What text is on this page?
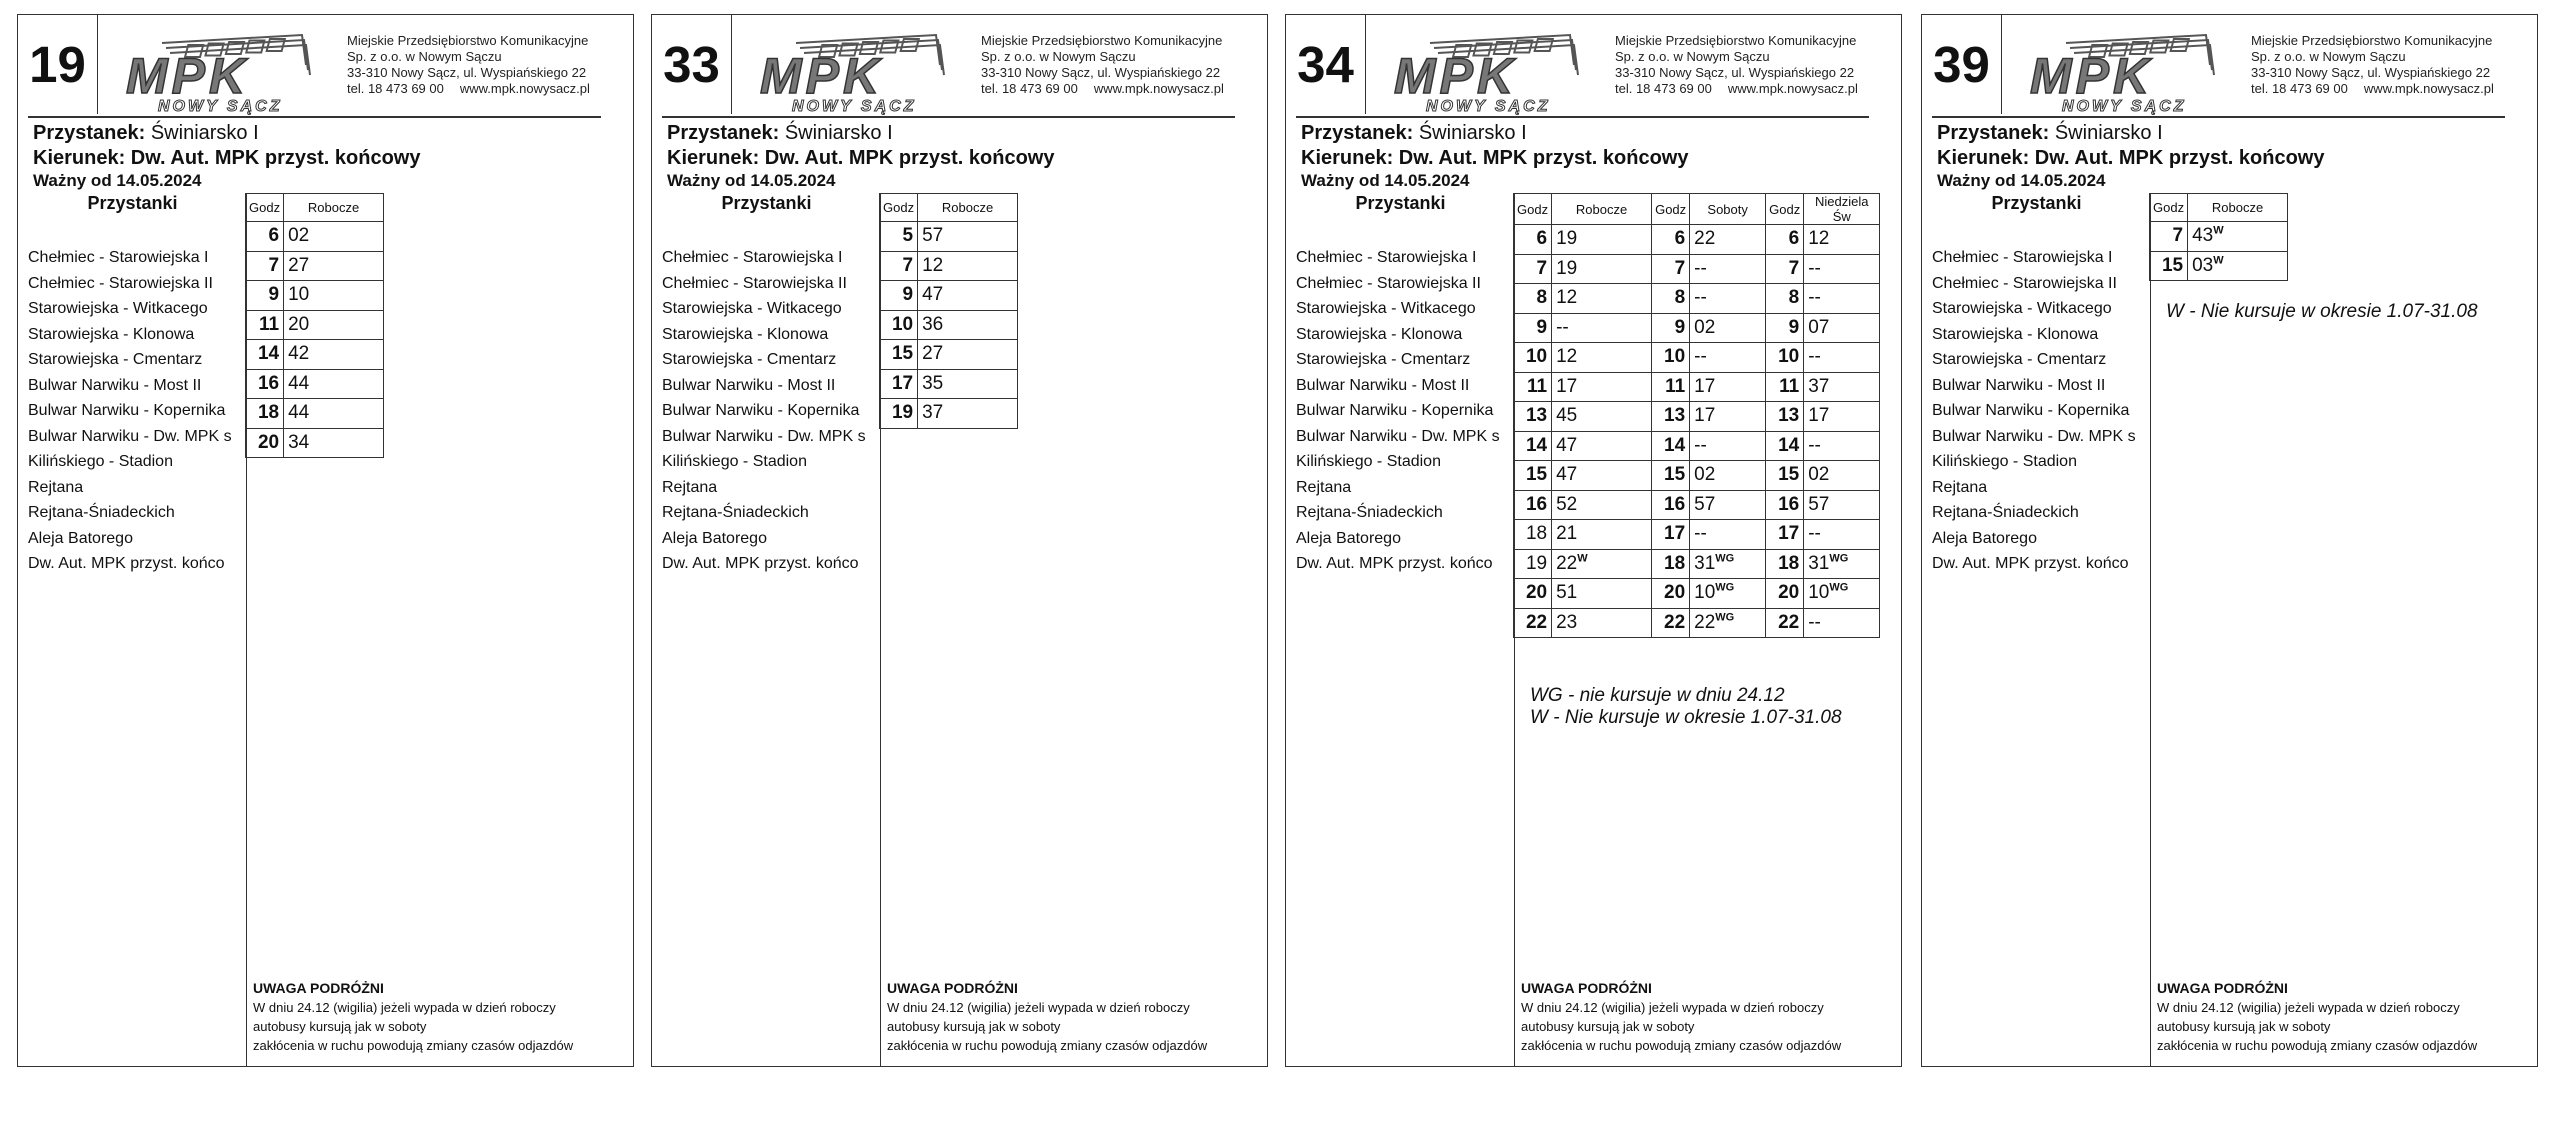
19 MPK
NOWY SĄCZ
Miejskie Przedsiębiorstwo Komunikacyjne
Sp. z o.o. w Nowym Sączu
33-310 Nowy Sącz, ul. Wyspiańskiego 22
tel. 18 473 69 00 www.mpk.nowysacz.pl
Przystanek: Świniarsko I
Kierunek: Dw. Aut. MPK przyst. końcowy
Ważny od 14.05.2024
Przystanki
Chełmiec - Starowiejska I
Chełmiec - Starowiejska II
Starowiejska - Witkacego
Starowiejska - Klonowa
Starowiejska - Cmentarz
Bulwar Narwiku - Most II
Bulwar Narwiku - Kopernika
Bulwar Narwiku - Dw. MPK s
Kilińskiego - Stadion
Rejtana
Rejtana-Śniadeckich
Aleja Batorego
Dw. Aut. MPK przyst. końco
Godz	Robocze
6	02
7	27
9	10
11	20
14	42
16	44
18	44
20	34
UWAGA PODRÓŻNI
W dniu 24.12 (wigilia) jeżeli wypada w dzień roboczy
autobusy kursują jak w soboty
zakłócenia w ruchu powodują zmiany czasów odjazdów
33 MPK
NOWY SĄCZ
Miejskie Przedsiębiorstwo Komunikacyjne
Sp. z o.o. w Nowym Sączu
33-310 Nowy Sącz, ul. Wyspiańskiego 22
tel. 18 473 69 00 www.mpk.nowysacz.pl
Przystanek: Świniarsko I
Kierunek: Dw. Aut. MPK przyst. końcowy
Ważny od 14.05.2024
Przystanki
Chełmiec - Starowiejska I
Chełmiec - Starowiejska II
Starowiejska - Witkacego
Starowiejska - Klonowa
Starowiejska - Cmentarz
Bulwar Narwiku - Most II
Bulwar Narwiku - Kopernika
Bulwar Narwiku - Dw. MPK s
Kilińskiego - Stadion
Rejtana
Rejtana-Śniadeckich
Aleja Batorego
Dw. Aut. MPK przyst. końco
Godz	Robocze
5	57
7	12
9	47
10	36
15	27
17	35
19	37
UWAGA PODRÓŻNI
W dniu 24.12 (wigilia) jeżeli wypada w dzień roboczy
autobusy kursują jak w soboty
zakłócenia w ruchu powodują zmiany czasów odjazdów
34 MPK
NOWY SĄCZ
Miejskie Przedsiębiorstwo Komunikacyjne
Sp. z o.o. w Nowym Sączu
33-310 Nowy Sącz, ul. Wyspiańskiego 22
tel. 18 473 69 00 www.mpk.nowysacz.pl
Przystanek: Świniarsko I
Kierunek: Dw. Aut. MPK przyst. końcowy
Ważny od 14.05.2024
Przystanki
Chełmiec - Starowiejska I
Chełmiec - Starowiejska II
Starowiejska - Witkacego
Starowiejska - Klonowa
Starowiejska - Cmentarz
Bulwar Narwiku - Most II
Bulwar Narwiku - Kopernika
Bulwar Narwiku - Dw. MPK s
Kilińskiego - Stadion
Rejtana
Rejtana-Śniadeckich
Aleja Batorego
Dw. Aut. MPK przyst. końco
Godz	Robocze	Godz	Soboty	Godz	Niedziela Św
6	19	6	22	6	12
7	19	7	--	7	--
8	12	8	--	8	--
9	--	9	02	9	07
10	12	10	--	10	--
11	17	11	17	11	37
13	45	13	17	13	17
14	47	14	--	14	--
15	47	15	02	15	02
16	52	16	57	16	57
18	21	17	--	17	--
19	$22^W$	18	$31^{WG}$	18	$31^{WG}$
20	51	20	$10^{WG}$	20	$10^{WG}$
22	23	22	$22^{WG}$	22	--
WG - nie kursuje w dniu 24.12
W - Nie kursuje w okresie 1.07-31.08
UWAGA PODRÓŻNI
W dniu 24.12 (wigilia) jeżeli wypada w dzień roboczy
autobusy kursują jak w soboty
zakłócenia w ruchu powodują zmiany czasów odjazdów
39 MPK
NOWY SĄCZ
Miejskie Przedsiębiorstwo Komunikacyjne
Sp. z o.o. w Nowym Sączu
33-310 Nowy Sącz, ul. Wyspiańskiego 22
tel. 18 473 69 00 www.mpk.nowysacz.pl
Przystanek: Świniarsko I
Kierunek: Dw. Aut. MPK przyst. końcowy
Ważny od 14.05.2024
Przystanki
Chełmiec - Starowiejska I
Chełmiec - Starowiejska II
Starowiejska - Witkacego
Starowiejska - Klonowa
Starowiejska - Cmentarz
Bulwar Narwiku - Most II
Bulwar Narwiku - Kopernika
Bulwar Narwiku - Dw. MPK s
Kilińskiego - Stadion
Rejtana
Rejtana-Śniadeckich
Aleja Batorego
Dw. Aut. MPK przyst. końco
Godz	Robocze
7	$43^W$
15	$03^W$
W - Nie kursuje w okresie 1.07-31.08
UWAGA PODRÓŻNI
W dniu 24.12 (wigilia) jeżeli wypada w dzień roboczy
autobusy kursują jak w soboty
zakłócenia w ruchu powodują zmiany czasów odjazdów
